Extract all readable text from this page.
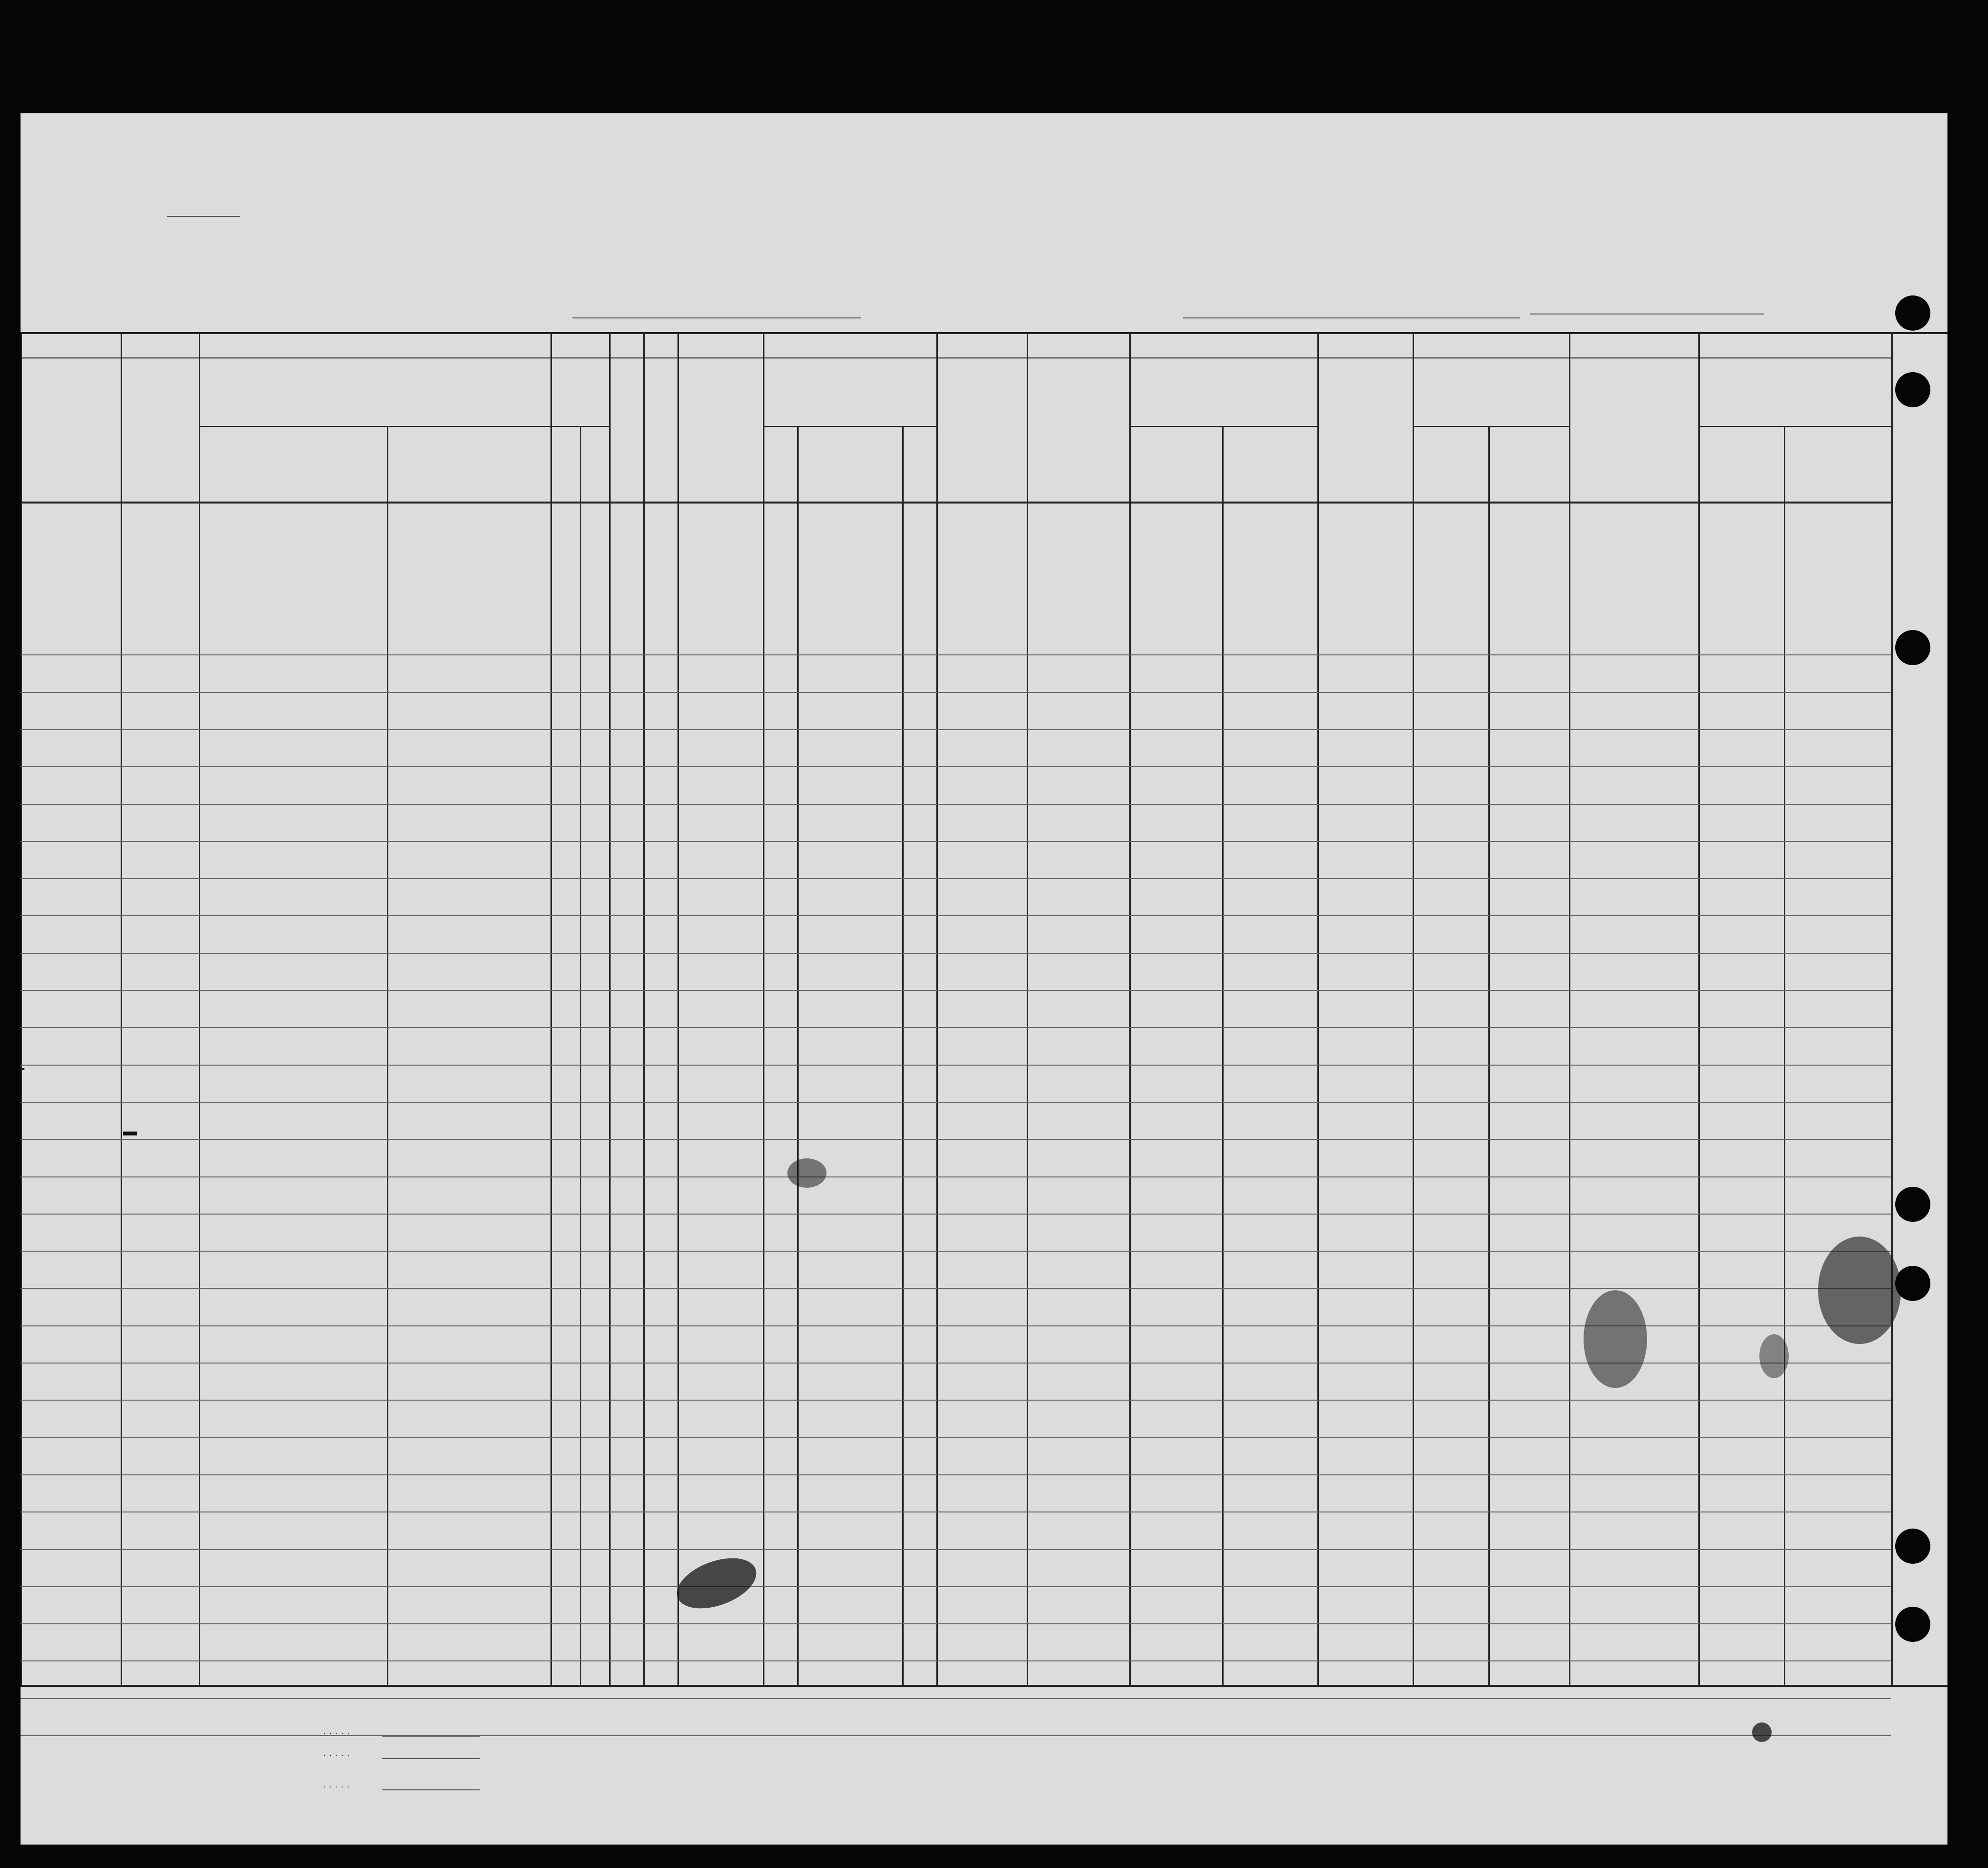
.....
.....
.....
